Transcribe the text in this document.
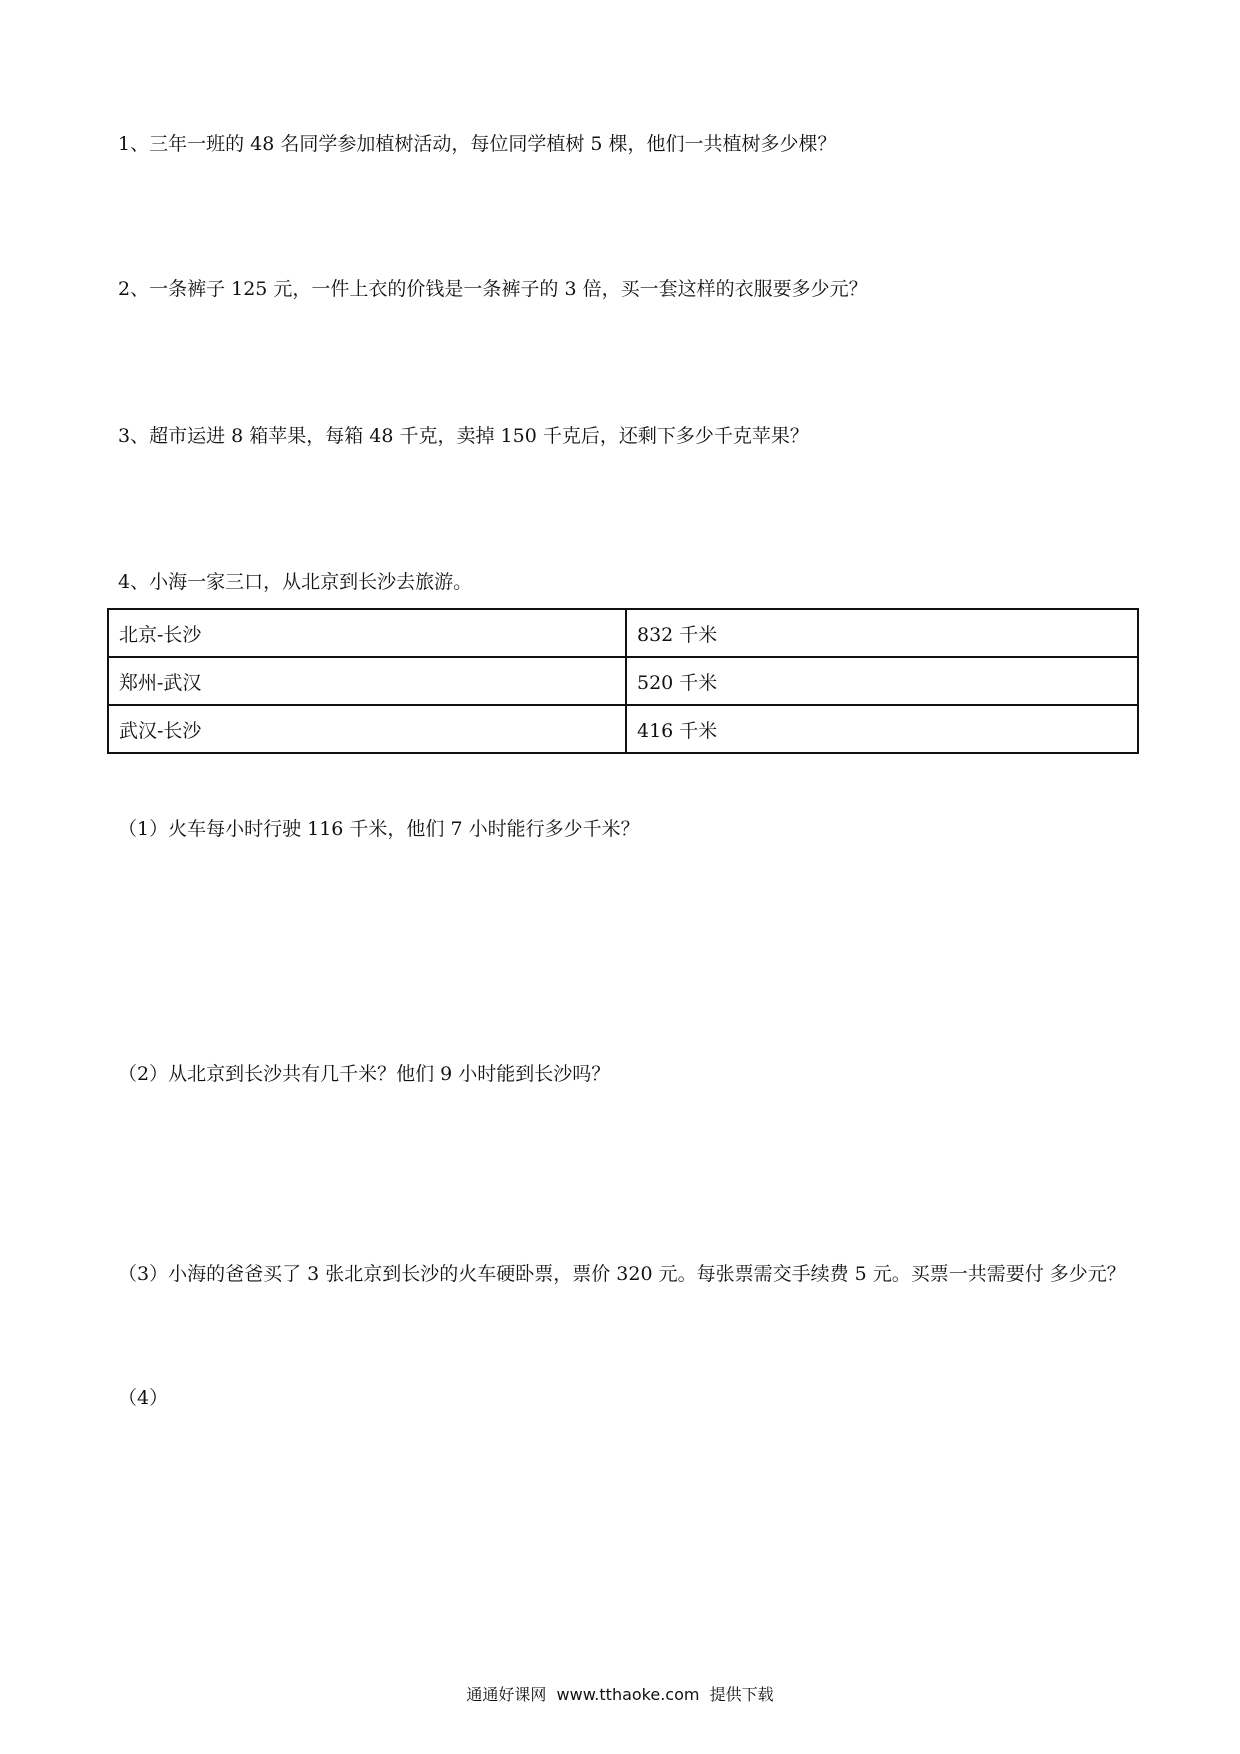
1、三年一班的 48 名同学参加植树活动，每位同学植树 5 棵，他们一共植树多少棵？
2、一条裤子 125 元，一件上衣的价钱是一条裤子的 3 倍，买一套这样的衣服要多少元？
3、超市运进 8 箱苹果，每箱 48 千克，卖掉 150 千克后，还剩下多少千克苹果？
4、小海一家三口，从北京到长沙去旅游。
北京-长沙	832 千米
郑州-武汉	520 千米
武汉-长沙	416 千米
（1）火车每小时行驶 116 千米，他们 7 小时能行多少千米？
（2）从北京到长沙共有几千米？他们 9 小时能到长沙吗？
（3）小海的爸爸买了 3 张北京到长沙的火车硬卧票，票价 320 元。每张票需交手续费 5 元。买票一共需要付 多少元？
（4）
通通好课网 www.tthaoke.com 提供下载
